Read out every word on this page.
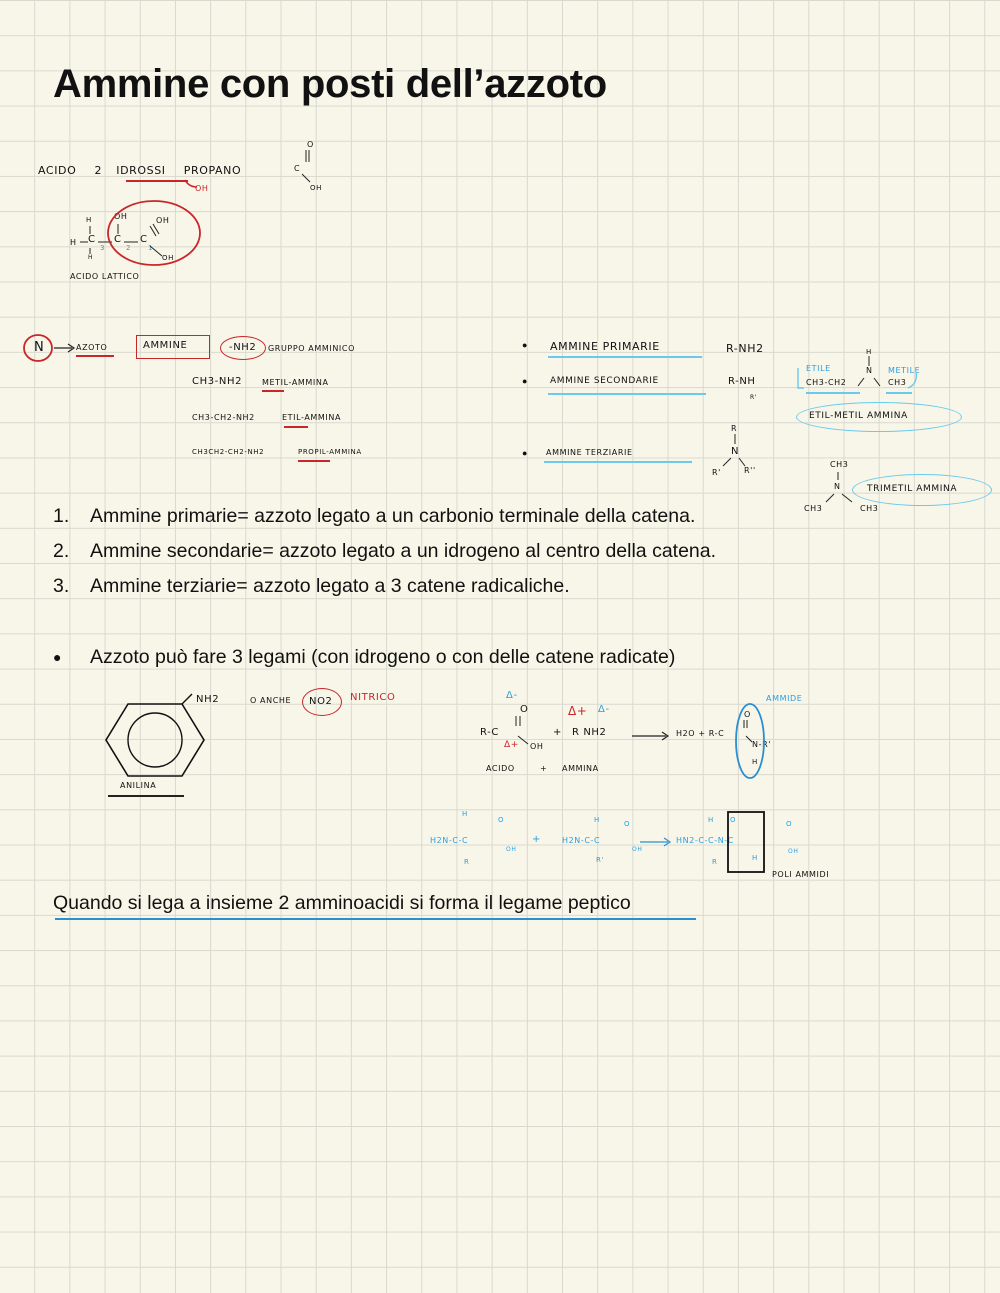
Ammine con posti dell’azzoto
ACIDO 2 IDROSSI PROPANO
OH
O
C
OH
H	OH	OH
H C C C
OH
H
3	2 1
ACIDO LATTICO
N	AZOTO	AMMINE	-NH2	GRUPPO AMMINICO
CH3-NH2 METIL-AMMINA
CH3-CH2-NH2	ETIL-AMMINA
CH3CH2-CH2-NH2	PROPIL-AMMINA
● AMMINE PRIMARIE	R-NH2
●	AMMINE SECONDARIE	R-NH
R'
● AMMINE TERZIARIE
R
N
R'	R''
ETILE	METILE
H
N
CH3-CH2	CH3
ETIL-METIL AMMINA
CH3
N
CH3	CH3
TRIMETIL AMMINA
1.	Ammine primarie= azzoto legato a un carbonio terminale della catena.
2.	Ammine secondarie= azzoto legato a un idrogeno al centro della catena.
3.	Ammine terziarie= azzoto legato a 3 catene radicaliche.
●	Azzoto può fare 3 legami (con idrogeno o con delle catene radicate)
NH2	O ANCHE	NO2	NITRICO
ANILINA
Δ-
O
R-C
Δ+ OH
+
Δ+ Δ-
R NH2 → H2O + R-C
O
N-R'
H
AMMIDE
ACIDO	+ AMMINA
H
O
H2N-C-C
OH
R
+
H	O
H2N-C-C
OH
R'
H O
HN2-C-C-N-C
O
OH
H
R
POLI AMMIDI
Quando si lega a insieme 2 amminoacidi si forma il legame peptico
